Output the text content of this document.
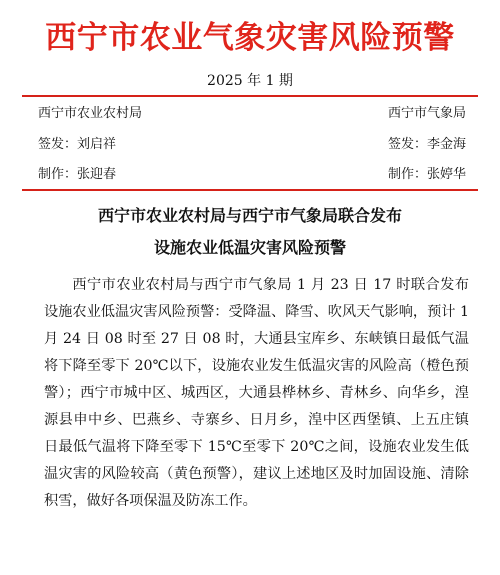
西宁市农业气象灾害风险预警
2025 年 1 期
西宁市农业农村局	西宁市气象局
签发：刘启祥	签发：李金海
制作：张迎春	制作：张婷华
西宁市农业农村局与西宁市气象局联合发布
设施农业低温灾害风险预警

西宁市农业农村局与西宁市气象局 1 月 23 日 17 时联合发布设施农业低温灾害风险预警：受降温、降雪、吹风天气影响，预计 1 月 24 日 08 时至 27 日 08 时，大通县宝库乡、东峡镇日最低气温将下降至零下 20℃以下，设施农业发生低温灾害的风险高（橙色预警）；西宁市城中区、城西区，大通县桦林乡、青林乡、向华乡，湟源县申中乡、巴燕乡、寺寨乡、日月乡，湟中区西堡镇、上五庄镇日最低气温将下降至零下 15℃至零下 20℃之间，设施农业发生低温灾害的风险较高（黄色预警），建议上述地区及时加固设施、清除积雪，做好各项保温及防冻工作。
